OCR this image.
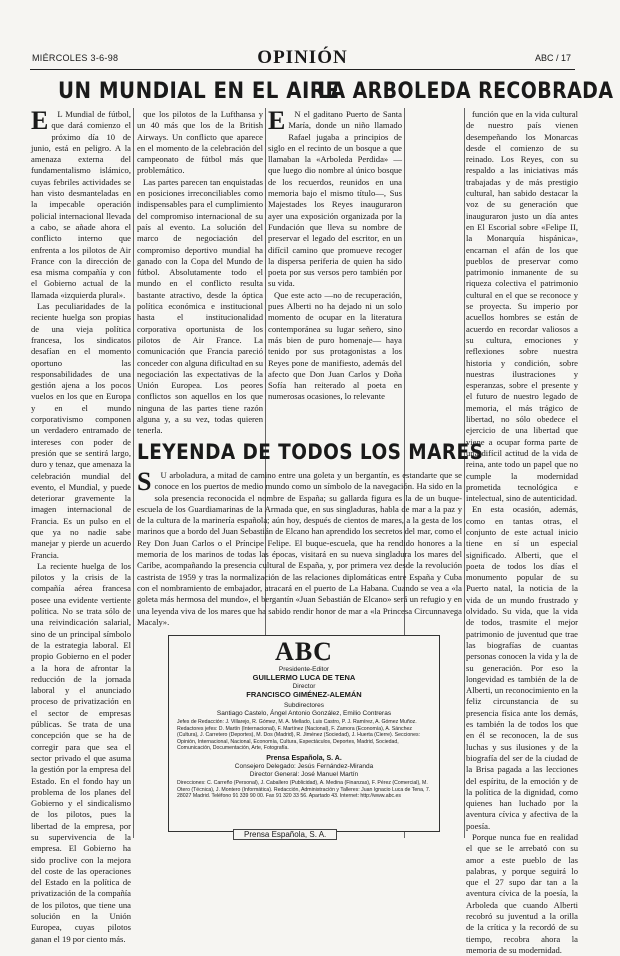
MIÉRCOLES 3-6-98	OPINIÓN	ABC / 17
UN MUNDIAL EN EL AIRE
LA ARBOLEDA RECOBRADA
E	L Mundial de fútbol, que dará comienzo el próximo día 10 de junio, está en peligro. A la amenaza externa del fundamentalismo islámico, cuyas febriles actividades se han visto desmanteladas en la impecable operación policial internacional llevada a cabo, se añade ahora el conflicto interno que enfrenta a los pilotos de Air France con la dirección de esa misma compañía y con el Gobierno actual de la llamada «izquierda plural».

Las peculiaridades de la reciente huelga son propias de una vieja política francesa, los sindicatos desafían en el momento oportuno las responsabilidades de una gestión ajena a los pocos vuelos en los que en Europa y en el mundo corporativismo componen un verdadero entramado de intereses con poder de presión que se sentirá largo, duro y tenaz, que amenaza la celebración mundial del evento, el Mundial, y puede deteriorar gravemente la imagen internacional de Francia. Es un pulso en el que ya no nadie sabe manejar y pierde un acuerdo Francia.

La reciente huelga de los pilotos y la crisis de la compañía aérea francesa posee una evidente vertiente política. No se trata sólo de una reivindicación salarial, sino de un principal símbolo de la estrategia laboral. El propio Gobierno en el poder a la hora de afrontar la reducción de la jornada laboral y el anunciado proceso de privatización en el sector de empresas públicas. Se trata de una concepción que se ha de corregir para que sea el sector privado el que asuma la gestión por la empresa del Estado. En el fondo hay un problema de los planes del Gobierno y el sindicalismo de los pilotos, pues la libertad de la empresa, por su supervivencia de la empresa. El Gobierno ha sido proclive con la mejora del coste de las operaciones del Estado en la política de privatización de la compañía de los pilotos, que tiene una solución en la Unión Europea, cuyas pilotos ganan el 19 por ciento más.

que los pilotos de la Lufthansa y un 40 más que los de la British Airways. Un conflicto que aparece en el momento de la celebración del campeonato de fútbol más que problemático.

Las partes parecen tan enquistadas en posiciones irreconciliables como indispensables para el cumplimiento del compromiso internacional de su país al evento. La solución del marco de negociación del compromiso deportivo mundial ha ganado con la Copa del Mundo de fútbol. Absolutamente todo el mundo en el conflicto resulta bastante atractivo, desde la óptica política económica e institucional hasta el institucionalidad corporativa oportunista de los pilotos de Air France. La comunicación que Francia pareció conceder con alguna dificultad en su negociación las expectativas de la Unión Europea. Los peores conflictos son aquellos en los que ninguna de las partes tiene razón alguna y, a su vez, todas quieren tenerla.

E	N el gaditano Puerto de Santa María, donde un niño llamado Rafael jugaba a principios de siglo en el recinto de un bosque a que llamaban la «Arboleda Perdida» —que luego dio nombre al único bosque de los recuerdos, reunidos en una memoria bajo el mismo título—, Sus Majestades los Reyes inauguraron ayer una exposición organizada por la Fundación que lleva su nombre de preservar el legado del escritor, en un difícil camino que promueve recoger la dispersa periferia de quien ha sido poeta por sus versos pero también por su vida.

Que este acto —no de recuperación, pues Alberti no ha dejado ni un solo momento de ocupar en la literatura contemporánea su lugar señero, sino más bien de puro homenaje— haya tenido por sus protagonistas a los Reyes pone de manifiesto, además del afecto que Don Juan Carlos y Doña Sofía han reiterado al poeta en numerosas ocasiones, lo relevante

función que en la vida cultural de nuestro país vienen desempeñando los Monarcas desde el comienzo de su reinado. Los Reyes, con su respaldo a las iniciativas más trabajadas y de más prestigio cultural, han sabido destacar la voz de su generación que inauguraron justo un día antes en El Escorial sobre «Felipe II, la Monarquía hispánica», encarnan el afán de los que pueblos de preservar como patrimonio inmanente de su riqueza colectiva el patrimonio cultural en el que se reconoce y se proyecta. Su imperio por acuellos hombres se están de acuerdo en recordar valiosos a su cultura, emociones y reflexiones sobre nuestra historia y condición, sobre nuestras ilustraciones y esperanzas, sobre el presente y el futuro de nuestro legado de memoria, el más trágico de libertad, no sólo obedece el ejercicio de una libertad que viene a ocupar forma parte de una difícil actitud de la vida de reina, ante todo un papel que no cumple la modernidad prometida tecnológica e intelectual, sino de autenticidad.

En esta ocasión, además, como en tantas otras, el conjunto de este actual inicio tiene en sí un especial significado. Alberti, que el poeta de todos los días el monumento popular de su Puerto natal, la noticia de la vida de un mundo frustrado y olvidado. Su vida, que la vida de todos, trasmite el mejor patrimonio de juventud que trae las biografías de cuantas personas conocen la vida y la de su generación. Por eso la longevidad es también de la de Alberti, un reconocimiento en la feliz circunstancia de su presencia física ante los demás, es también la de todos los que en él se reconocen, la de sus luchas y sus ilusiones y de la biografía del ser de la ciudad de la Brisa pagada a las lecciones del espíritu, de la emoción y de la política de la dignidad, como quienes han luchado por la aventura cívica y afectiva de la poesía.

Porque nunca fue en realidad el que se le arrebató con su amor a este pueblo de las palabras, y porque seguirá lo que el 27 supo dar tan a la aventura cívica de la poesía, la Arboleda que cuando Alberti recobró su juventud a la orilla de la crítica y la recordó de su tiempo, recobra ahora la memoria de su modernidad.

LEYENDA DE TODOS LOS MARES
S	U arboladura, a mitad de camino entre una goleta y un bergantín, es estandarte que se conoce en los puertos de medio mundo como un símbolo de la navegación. Ha sido en la sola presencia reconocida el nombre de España; su gallarda figura es la de un buque-escuela de los Guardiamarinas de la Armada que, en sus singladuras, habla de mar a la paz y de la cultura de la marinería española; aún hoy, después de cientos de mares, a la gesta de los marinos que a bordo del Juan Sebastián de Elcano han aprendido los secretos del mar, como el Rey Don Juan Carlos o el Príncipe Felipe. El buque-escuela, que ha rendido honores a la memoria de los marinos de todas las épocas, visitará en su nueva singladura los mares del Caribe, acompañando la presencia cultural de España, y, por primera vez desde la revolución castrista de 1959 y tras la normalización de las relaciones diplomáticas entre España y Cuba con el nombramiento de embajador, atracará en el puerto de La Habana. Cuando se vea a «la goleta más hermosa del mundo», el bergantín «Juan Sebastián de Elcano» será un refugio y en una leyenda viva de los mares que ha sabido rendir honor de mar a «la Princesa Circunnavega Macaly».

ABC
Presidente-Editor
GUILLERMO LUCA DE TENA
Director
FRANCISCO GIMÉNEZ-ALEMÁN
Subdirectores
Santiago Castelo, Ángel Antonio González, Emilio Contreras
Jefes de Redacción: J. Villarejo, R. Gómez, M. A. Mellado, Luis Castro, P. J. Ramírez, A. Gómez Muñoz. Redactores jefes: D. Martín (Internacional), F. Martínez (Nacional), F. Zamora (Economía), A. Sánchez (Cultura), J. Carretero (Deportes), M. Dos (Madrid), R. Jiménez (Sociedad), J. Huerta (Cierre). Secciones: Opinión, Internacional, Nacional, Economía, Cultura, Espectáculos, Deportes, Madrid, Sociedad, Comunicación, Documentación, Arte, Fotografía.
Prensa Española, S. A.
Consejero Delegado: Jesús Fernández-Miranda
Director General: José Manuel Martín
Direcciones: C. Carreño (Personal), J. Caballero (Publicidad), A. Medina (Finanzas), F. Pérez (Comercial), M. Otero (Técnica), J. Montero (Informática). Redacción, Administración y Talleres: Juan Ignacio Luca de Tena, 7. 28027 Madrid. Teléfono 91 339 90 00. Fax 91 320 33 56. Apartado 43. Internet: http://www.abc.es
Prensa Española, S. A.
